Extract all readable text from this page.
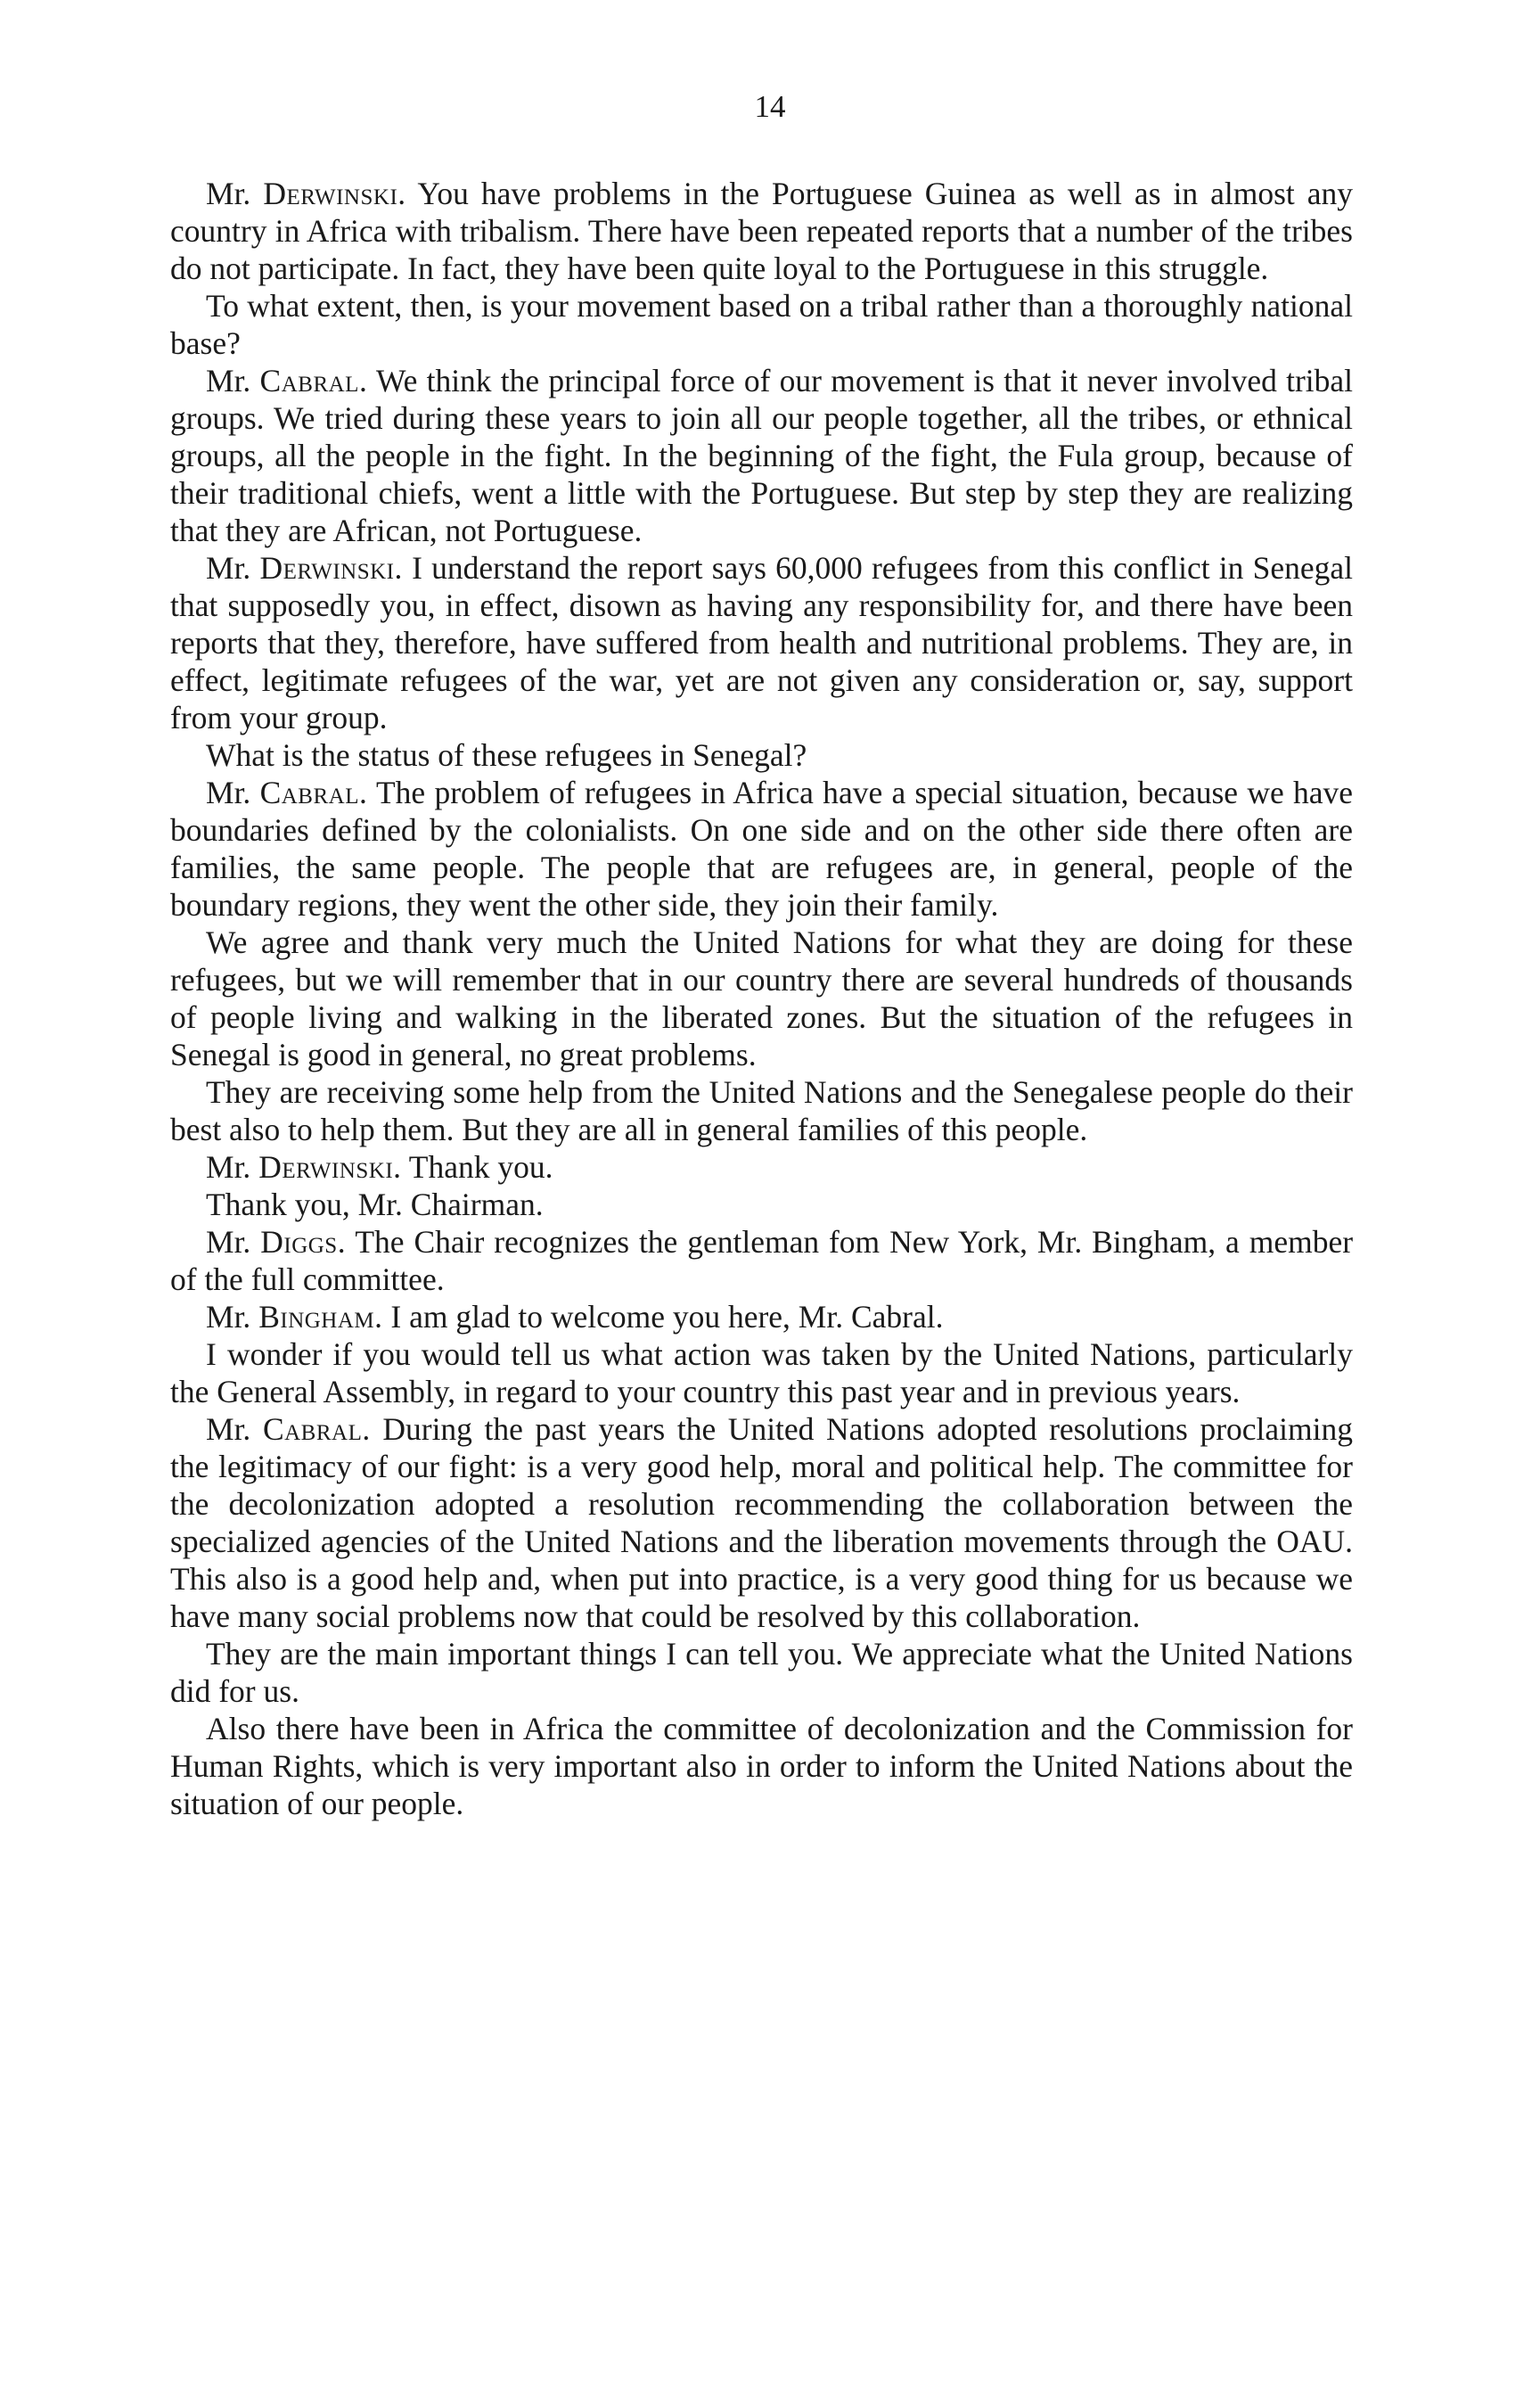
14

Mr. Derwinski. You have problems in the Portuguese Guinea as well as in almost any country in Africa with tribalism. There have been repeated reports that a number of the tribes do not participate. In fact, they have been quite loyal to the Portuguese in this struggle.

To what extent, then, is your movement based on a tribal rather than a thoroughly national base?

Mr. Cabral. We think the principal force of our movement is that it never involved tribal groups. We tried during these years to join all our people together, all the tribes, or ethnical groups, all the people in the fight. In the beginning of the fight, the Fula group, because of their traditional chiefs, went a little with the Portuguese. But step by step they are realizing that they are African, not Portuguese.

Mr. Derwinski. I understand the report says 60,000 refugees from this conflict in Senegal that supposedly you, in effect, disown as having any responsibility for, and there have been reports that they, therefore, have suffered from health and nutritional problems. They are, in effect, legitimate refugees of the war, yet are not given any consideration or, say, support from your group.

What is the status of these refugees in Senegal?

Mr. Cabral. The problem of refugees in Africa have a special situation, because we have boundaries defined by the colonialists. On one side and on the other side there often are families, the same people. The people that are refugees are, in general, people of the boundary regions, they went the other side, they join their family.

We agree and thank very much the United Nations for what they are doing for these refugees, but we will remember that in our country there are several hundreds of thousands of people living and walking in the liberated zones. But the situation of the refugees in Senegal is good in general, no great problems.

They are receiving some help from the United Nations and the Senegalese people do their best also to help them. But they are all in general families of this people.

Mr. Derwinski. Thank you.

Thank you, Mr. Chairman.

Mr. Diggs. The Chair recognizes the gentleman fom New York, Mr. Bingham, a member of the full committee.

Mr. Bingham. I am glad to welcome you here, Mr. Cabral.

I wonder if you would tell us what action was taken by the United Nations, particularly the General Assembly, in regard to your country this past year and in previous years.

Mr. Cabral. During the past years the United Nations adopted resolutions proclaiming the legitimacy of our fight: is a very good help, moral and political help. The committee for the decolonization adopted a resolution recommending the collaboration between the specialized agencies of the United Nations and the liberation movements through the OAU. This also is a good help and, when put into practice, is a very good thing for us because we have many social problems now that could be resolved by this collaboration.

They are the main important things I can tell you. We appreciate what the United Nations did for us.

Also there have been in Africa the committee of decolonization and the Commission for Human Rights, which is very important also in order to inform the United Nations about the situation of our people.
